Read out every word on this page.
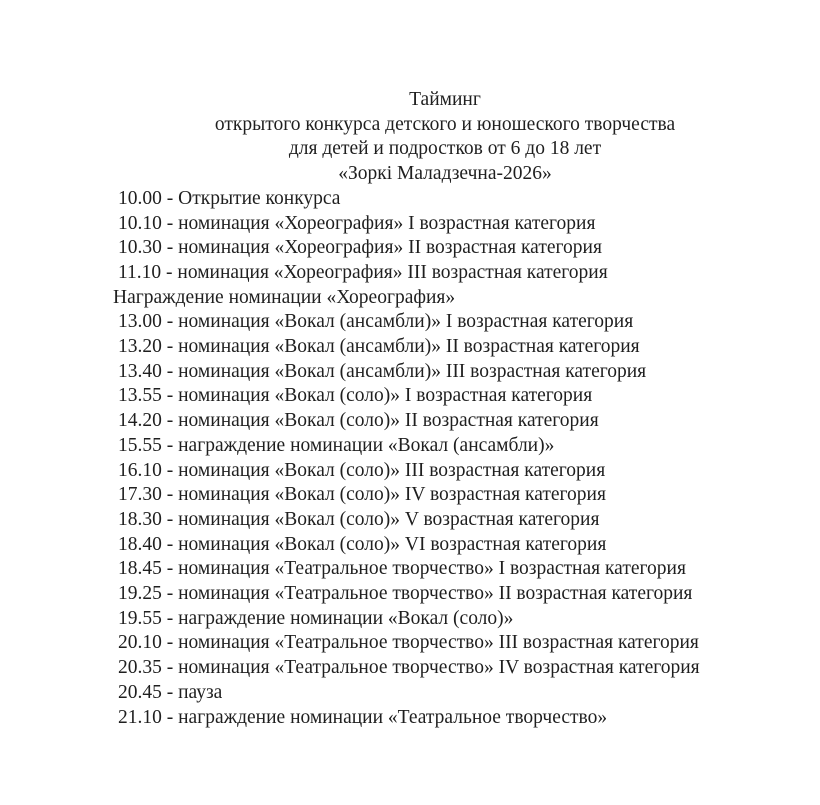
Тайминг
открытого конкурса детского и юношеского творчества
для детей и подростков от 6 до 18 лет
«Зоркі Маладзечна-2026»
10.00 - Открытие конкурса
10.10 - номинация «Хореография» I возрастная категория
10.30 - номинация «Хореография» II возрастная категория
11.10 - номинация «Хореография» III возрастная категория
Награждение номинации «Хореография»
13.00 - номинация «Вокал (ансамбли)» I возрастная категория
13.20 - номинация «Вокал (ансамбли)» II возрастная категория
13.40 - номинация «Вокал (ансамбли)» III возрастная категория
13.55 - номинация «Вокал (соло)» I возрастная категория
14.20 - номинация «Вокал (соло)» II возрастная категория
15.55 - награждение номинации «Вокал (ансамбли)»
16.10 - номинация «Вокал (соло)» III возрастная категория
17.30 - номинация «Вокал (соло)» IV возрастная категория
18.30 - номинация «Вокал (соло)» V возрастная категория
18.40 - номинация «Вокал (соло)» VI возрастная категория
18.45 - номинация «Театральное творчество» I возрастная категория
19.25 - номинация «Театральное творчество» II возрастная категория
19.55 - награждение номинации «Вокал (соло)»
20.10 - номинация «Театральное творчество» III возрастная категория
20.35 - номинация «Театральное творчество» IV возрастная категория
20.45 - пауза
21.10 - награждение номинации «Театральное творчество»
